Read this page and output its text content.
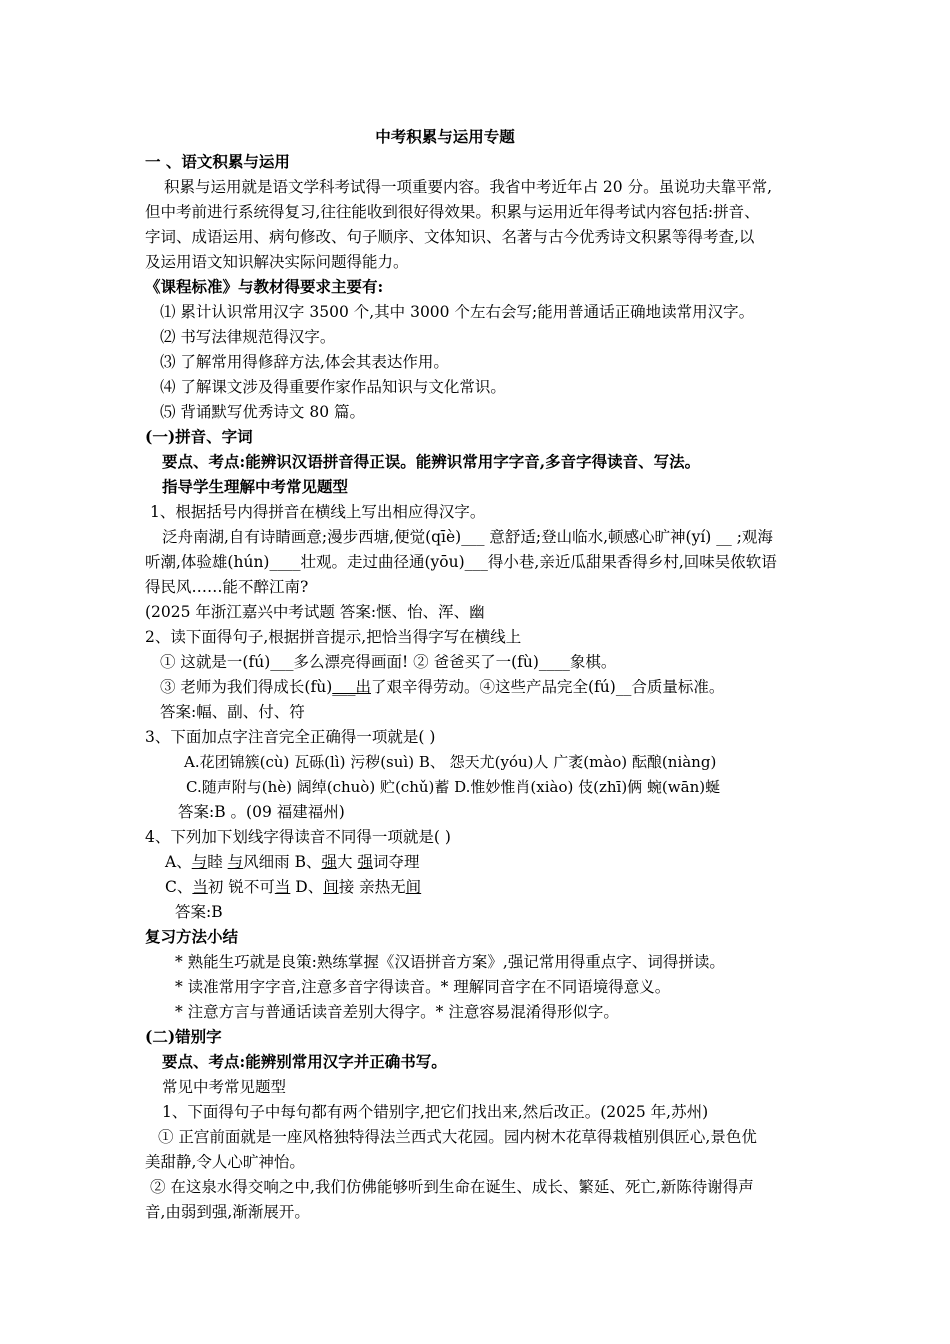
中考积累与运用专题
一 、语文积累与运用
积累与运用就是语文学科考试得一项重要内容。我省中考近年占 20 分。虽说功夫靠平常,
但中考前进行系统得复习,往往能收到很好得效果。积累与运用近年得考试内容包括:拼音、
字词、成语运用、病句修改、句子顺序、文体知识、名著与古今优秀诗文积累等得考查,以
及运用语文知识解决实际问题得能力。
《课程标准》与教材得要求主要有:
⑴ 累计认识常用汉字 3500 个,其中 3000 个左右会写;能用普通话正确地读常用汉字。
⑵ 书写法律规范得汉字。
⑶ 了解常用得修辞方法,体会其表达作用。
⑷ 了解课文涉及得重要作家作品知识与文化常识。
⑸ 背诵默写优秀诗文 80 篇。
(一)拼音、字词
要点、考点:能辨识汉语拼音得正误。能辨识常用字字音,多音字得读音、写法。
指导学生理解中考常见题型
1、根据括号内得拼音在横线上写出相应得汉字。
泛舟南湖,自有诗睛画意;漫步西塘,便觉(qīè)___ 意舒适;登山临水,顿感心旷神(yí) __ ;观海
听潮,体验雄(hún)____壮观。走过曲径通(yōu)___得小巷,亲近瓜甜果香得乡村,回味吴侬软语
得民风……能不醉江南?
(2025 年浙江嘉兴中考试题 答案:惬、怡、浑、幽
2、读下面得句子,根据拼音提示,把恰当得字写在横线上
① 这就是一(fú)___多么漂亮得画面! ② 爸爸买了一(fù)____象棋。
③ 老师为我们得成长(fù)___出了艰辛得劳动。④这些产品完全(fú)__合质量标准。
答案:幅、副、付、符
3、下面加点字注音完全正确得一项就是( )
A.花团锦簇(cù) 瓦砾(lì) 污秽(suì) B、 怨天尤(yóu)人 广袤(mào) 酝酿(niàng)
C.随声附与(hè) 阔绰(chuò) 贮(chǔ)蓄 D.惟妙惟肖(xiào) 伎(zhī)俩 蜿(wān)蜒
答案:B 。(09 福建福州)
4、下列加下划线字得读音不同得一项就是( )
A、与睦 与风细雨 B、强大 强词夺理
C、当初 锐不可当 D、间接 亲热无间
答案:B
复习方法小结
* 熟能生巧就是良策:熟练掌握《汉语拼音方案》,强记常用得重点字、词得拼读。
* 读准常用字字音,注意多音字得读音。* 理解同音字在不同语境得意义。
* 注意方言与普通话读音差别大得字。* 注意容易混淆得形似字。
(二)错别字
要点、考点:能辨别常用汉字并正确书写。
常见中考常见题型
1、下面得句子中每句都有两个错别字,把它们找出来,然后改正。(2025 年,苏州)
① 正宫前面就是一座风格独特得法兰西式大花园。园内树木花草得栽植别俱匠心,景色优
美甜静,令人心旷神怡。
② 在这泉水得交响之中,我们仿佛能够听到生命在诞生、成长、繁延、死亡,新陈待谢得声
音,由弱到强,渐渐展开。
